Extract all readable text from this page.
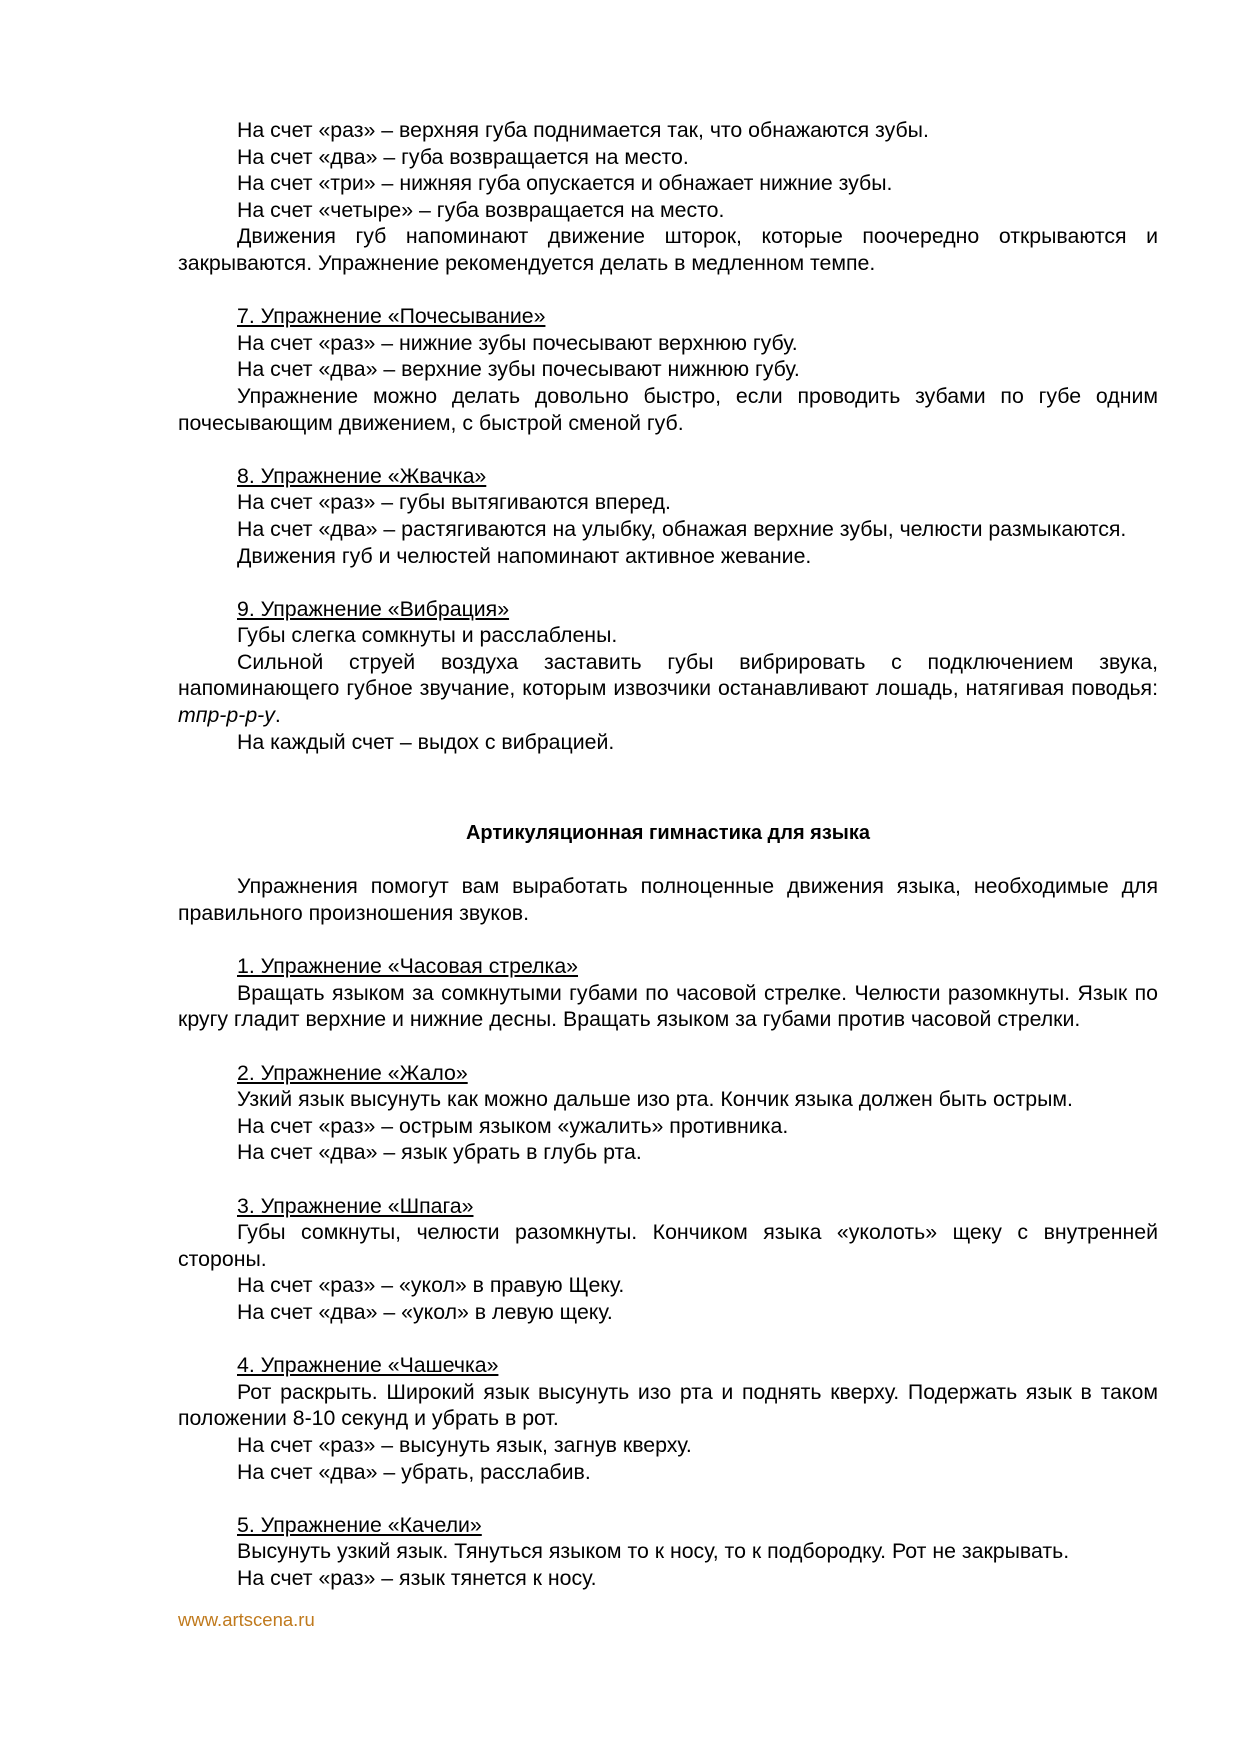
На счет «раз» – верхняя губа поднимается так, что обнажаются зубы.

На счет «два» – губа возвращается на место.

На счет «три» – нижняя губа опускается и обнажает нижние зубы.

На счет «четыре» – губа возвращается на место.

Движения губ напоминают движение шторок, которые поочередно открываются и закрываются. Упражнение рекомендуется делать в медленном темпе.

7. Упражнение «Почесывание»

На счет «раз» – нижние зубы почесывают верхнюю губу.

На счет «два» – верхние зубы почесывают нижнюю губу.

Упражнение можно делать довольно быстро, если проводить зубами по губе одним почесывающим движением, с быстрой сменой губ.

8. Упражнение «Жвачка»

На счет «раз» – губы вытягиваются вперед.

На счет «два» – растягиваются на улыбку, обнажая верхние зубы, челюсти размыкаются.

Движения губ и челюстей напоминают активное жевание.

9. Упражнение «Вибрация»

Губы слегка сомкнуты и расслаблены.

Сильной струей воздуха заставить губы вибрировать с подключением звука, напоминающего губное звучание, которым извозчики останавливают лошадь, натягивая поводья: тпр-р-р-у.

На каждый счет – выдох с вибрацией.

Артикуляционная гимнастика для языка

Упражнения помогут вам выработать полноценные движения языка, необходимые для правильного произношения звуков.

1. Упражнение «Часовая стрелка»

Вращать языком за сомкнутыми губами по часовой стрелке. Челюсти разомкнуты. Язык по кругу гладит верхние и нижние десны. Вращать языком за губами против часовой стрелки.

2. Упражнение «Жало»

Узкий язык высунуть как можно дальше изо рта. Кончик языка должен быть острым.

На счет «раз» – острым языком «ужалить» противника.

На счет «два» – язык убрать в глубь рта.

3. Упражнение «Шпага»

Губы сомкнуты, челюсти разомкнуты. Кончиком языка «уколоть» щеку с внутренней стороны.

На счет «раз» – «укол» в правую Щеку.

На счет «два» – «укол» в левую щеку.

4. Упражнение «Чашечка»

Рот раскрыть. Широкий язык высунуть изо рта и поднять кверху. Подержать язык в таком положении 8-10 секунд и убрать в рот.

На счет «раз» – высунуть язык, загнув кверху.

На счет «два» – убрать, расслабив.

5. Упражнение «Качели»

Высунуть узкий язык. Тянуться языком то к носу, то к подбородку. Рот не закрывать.

На счет «раз» – язык тянется к носу.

www.artscena.ru
